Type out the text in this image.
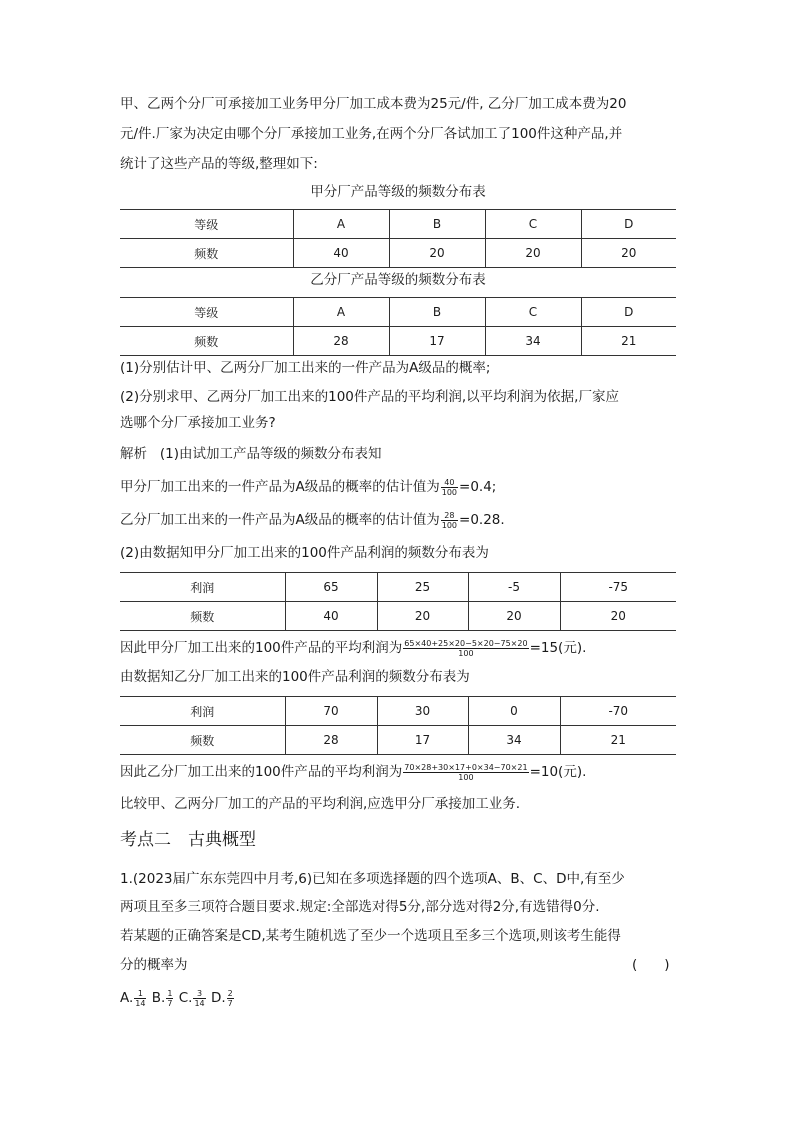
甲、乙两个分厂可承接加工业务甲分厂加工成本费为25元/件, 乙分厂加工成本费为20
元/件.厂家为决定由哪个分厂承接加工业务,在两个分厂各试加工了100件这种产品,并
统计了这些产品的等级,整理如下:
甲分厂产品等级的频数分布表
等级	A	B	C	D
频数	40	20	20	20
乙分厂产品等级的频数分布表
等级	A	B	C	D
频数	28	17	34	21
(1)分别估计甲、乙两分厂加工出来的一件产品为A级品的概率;
(2)分别求甲、乙两分厂加工出来的100件产品的平均利润,以平均利润为依据,厂家应
选哪个分厂承接加工业务?
解析 (1)由试加工产品等级的频数分布表知
甲分厂加工出来的一件产品为A级品的概率的估计值为 $\frac{40}{100} =0.4$;
乙分厂加工出来的一件产品为A级品的概率的估计值为 $\frac{28}{100} =0.28$.
(2)由数据知甲分厂加工出来的100件产品利润的频数分布表为
利润	65	25	-5	-75
频数	40	20	20	20
因此甲分厂加工出来的100件产品的平均利润为 $\frac{65\times 40+25\times 20-5\times 20-75\times 20}{100} =15$(元).
由数据知乙分厂加工出来的100件产品利润的频数分布表为
利润	70	30	0	-70
频数	28	17	34	21
因此乙分厂加工出来的100件产品的平均利润为 $\frac{70\times 28+30\times 17+0\times 34-70\times 21}{100} =10$(元).
比较甲、乙两分厂加工的产品的平均利润,应选甲分厂承接加工业务.
考点二　古典概型
1.(2023届广东东莞四中月考,6)已知在多项选择题的四个选项A、B、C、D中,有至少
两项且至多三项符合题目要求.规定:全部选对得5分,部分选对得2分,有选错得0分.
若某题的正确答案是CD,某考生随机选了至少一个选项且至多三个选项,则该考生能得
分的概率为	(　　)
A. $\frac{1}{14} B$. $\frac{1}{7} C$. $\frac{3}{14} D$. $\frac{2}{7}$
